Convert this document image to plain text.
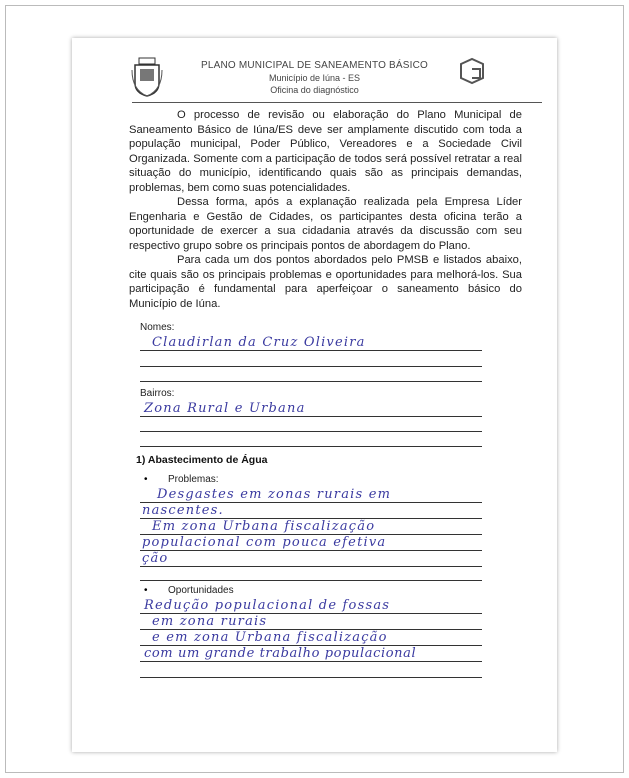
PLANO MUNICIPAL DE SANEAMENTO BÁSICO
Município de Iúna - ES
Oficina do diagnóstico

O processo de revisão ou elaboração do Plano Municipal de Saneamento Básico de Iúna/ES deve ser amplamente discutido com toda a população municipal, Poder Público, Vereadores e a Sociedade Civil Organizada. Somente com a participação de todos será possível retratar a real situação do município, identificando quais são as principais demandas, problemas, bem como suas potencialidades.

Dessa forma, após a explanação realizada pela Empresa Líder Engenharia e Gestão de Cidades, os participantes desta oficina terão a oportunidade de exercer a sua cidadania através da discussão com seu respectivo grupo sobre os principais pontos de abordagem do Plano.

Para cada um dos pontos abordados pelo PMSB e listados abaixo, cite quais são os principais problemas e oportunidades para melhorá-los. Sua participação é fundamental para aperfeiçoar o saneamento básico do Município de Iúna.

Nomes:
Claudirlan da Cruz Oliveira
Bairros:
Zona Rural e Urbana
1) Abastecimento de Água
• Problemas:
Desgastes em zonas rurais em
nascentes.
Em zona Urbana fiscalização
populacional com pouca efetiva
ção
• Oportunidades
Redução populacional de fossas
em zona rurais
e em zona Urbana fiscalização
com um grande trabalho populacional
